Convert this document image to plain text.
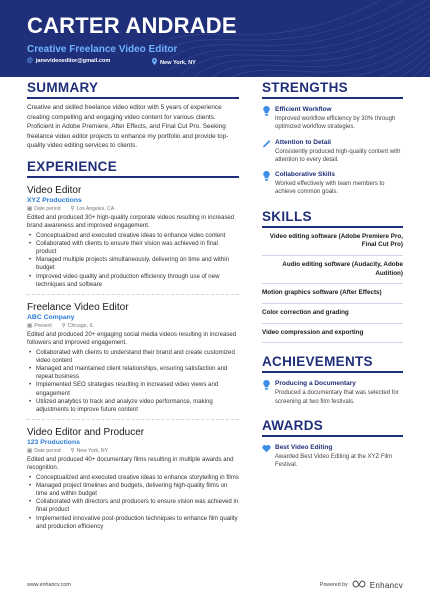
CARTER ANDRADE
Creative Freelance Video Editor
@ janevideoeditor@gmail.com	New York, NY
SUMMARY
Creative and skilled freelance video editor with 5 years of experience creating compelling and engaging video content for various clients. Proficient in Adobe Premiere, After Effects, and Final Cut Pro. Seeking freelance video editor projects to enhance my portfolio and provide top-quality video editing services to clients.
EXPERIENCE
Video Editor
XYZ Productions
▦ Date period ⚲ Los Angeles, CA
Edited and produced 30+ high-quality corporate videos resulting in increased brand awareness and improved engagement.
• Conceptualized and executed creative ideas to enhance video content
• Collaborated with clients to ensure their vision was achieved in final product
• Managed multiple projects simultaneously, delivering on time and within budget
• Improved video quality and production efficiency through use of new techniques and software
Freelance Video Editor
ABC Company
▦ Present ⚲ Chicago, IL
Edited and produced 20+ engaging social media videos resulting in increased followers and improved engagement.
• Collaborated with clients to understand their brand and create customized video content
• Managed and maintained client relationships, ensuring satisfaction and repeat business
• Implemented SEO strategies resulting in increased video views and engagement
• Utilized analytics to track and analyze video performance, making adjustments to improve future content
Video Editor and Producer
123 Productions
▦ Date period ⚲ New York, NY
Edited and produced 40+ documentary films resulting in multiple awards and recognition.
• Conceptualized and executed creative ideas to enhance storytelling in films
• Managed project timelines and budgets, delivering high-quality films on time and within budget
• Collaborated with directors and producers to ensure vision was achieved in final product
• Implemented innovative post-production techniques to enhance film quality and production efficiency
STRENGTHS
Efficient Workflow
Improved workflow efficiency by 30% through optimized workflow strategies.
Attention to Detail
Consistently produced high-quality content with attention to every detail.
Collaborative Skills
Worked effectively with team members to achieve common goals.
SKILLS
Video editing software (Adobe Premiere Pro, Final Cut Pro)
Audio editing software (Audacity, Adobe Audition)
Motion graphics software (After Effects)
Color correction and grading
Video compression and exporting
ACHIEVEMENTS
Producing a Documentary
Produced a documentary that was selected for screening at two film festivals.
AWARDS
Best Video Editing
Awarded Best Video Editing at the XYZ Film Festival.
www.enhancv.com	Powered by	Enhancv
